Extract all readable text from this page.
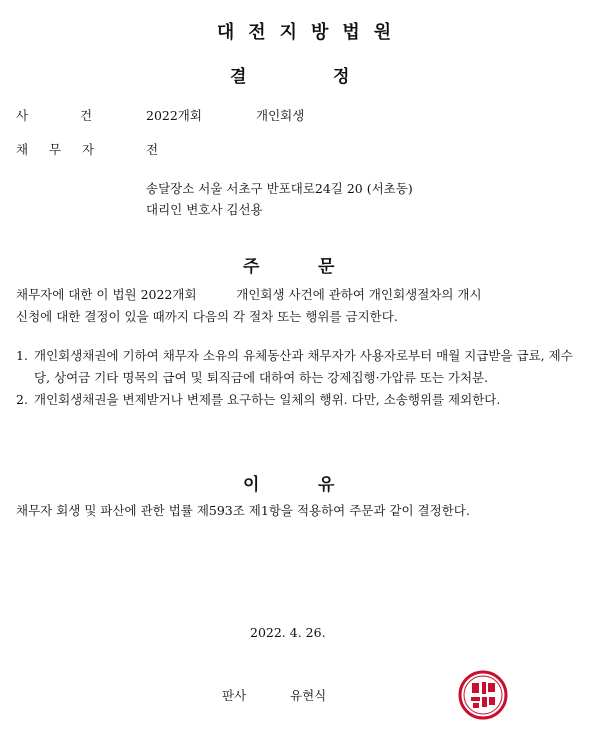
대전지방법원
결	정
사	건	2022개회	개인회생
채 무 자	전
송달장소 서울 서초구 반포대로24길 20 (서초동)
대리인 변호사 김선용
주	문
채무자에 대한 이 법원 2022개회          개인회생 사건에 관하여 개인회생절차의 개시
신청에 대한 결정이 있을 때까지 다음의 각 절차 또는 행위를 금지한다.
1. 개인회생채권에 기하여 채무자 소유의 유체동산과 채무자가 사용자로부터 매월 지급받을 급료, 제수당, 상여금 기타 명목의 급여 및 퇴직금에 대하여 하는 강제집행·가압류 또는 가처분.
2. 개인회생채권을 변제받거나 변제를 요구하는 일체의 행위. 다만, 소송행위를 제외한다.
이	유
채무자 회생 및 파산에 관한 법률 제593조 제1항을 적용하여 주문과 같이 결정한다.
2022. 4. 26.
판사	유현식
